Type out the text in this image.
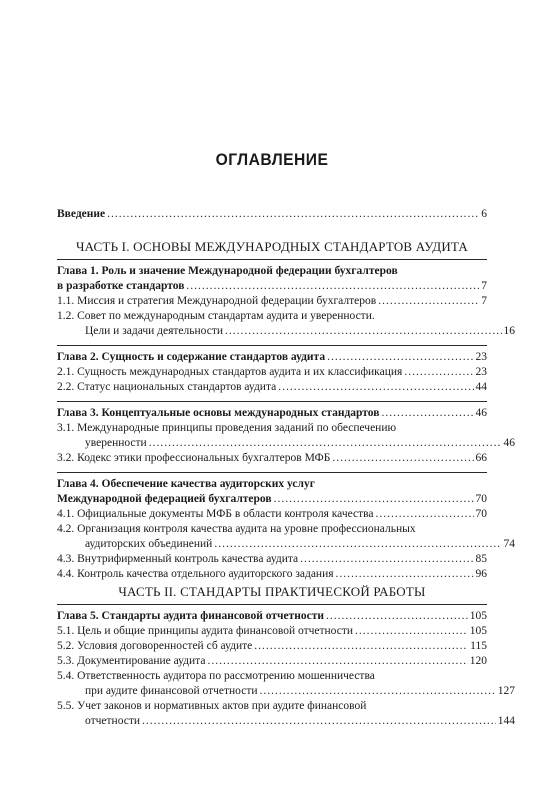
ОГЛАВЛЕНИЕ
Введение .....	6
ЧАСТЬ I. ОСНОВЫ МЕЖДУНАРОДНЫХ СТАНДАРТОВ АУДИТА
Глава 1. Роль и значение Международной федерации бухгалтеров
в разработке стандартов .....	7
1.1. Миссия и стратегия Международной федерации бухгалтеров .....	7
1.2. Совет по международным стандартам аудита и уверенности.
Цели и задачи деятельности .....	16
Глава 2. Сущность и содержание стандартов аудита .....	23
2.1. Сущность международных стандартов аудита и их классификация .....	23
2.2. Статус национальных стандартов аудита .....	44
Глава 3. Концептуальные основы международных стандартов .....	46
3.1. Международные принципы проведения заданий по обеспечению
уверенности .....	46
3.2. Кодекс этики профессиональных бухгалтеров МФБ .....	66
Глава 4. Обеспечение качества аудиторских услуг
Международной федерацией бухгалтеров .....	70
4.1. Официальные документы МФБ в области контроля качества .....	70
4.2. Организация контроля качества аудита на уровне профессиональных
аудиторских объединений .....	74
4.3. Внутрифирменный контроль качества аудита .....	85
4.4. Контроль качества отдельного аудиторского задания .....	96
ЧАСТЬ II. СТАНДАРТЫ ПРАКТИЧЕСКОЙ РАБОТЫ
Глава 5. Стандарты аудита финансовой отчетности .....	105
5.1. Цель и общие принципы аудита финансовой отчетности .....	105
5.2. Условия договоренностей сб аудите .....	115
5.3. Документирование аудита .....	120
5.4. Ответственность аудитора по рассмотрению мошенничества
при аудите финансовой отчетности .....	127
5.5. Учет законов и нормативных актов при аудите финансовой
отчетности .....	144
